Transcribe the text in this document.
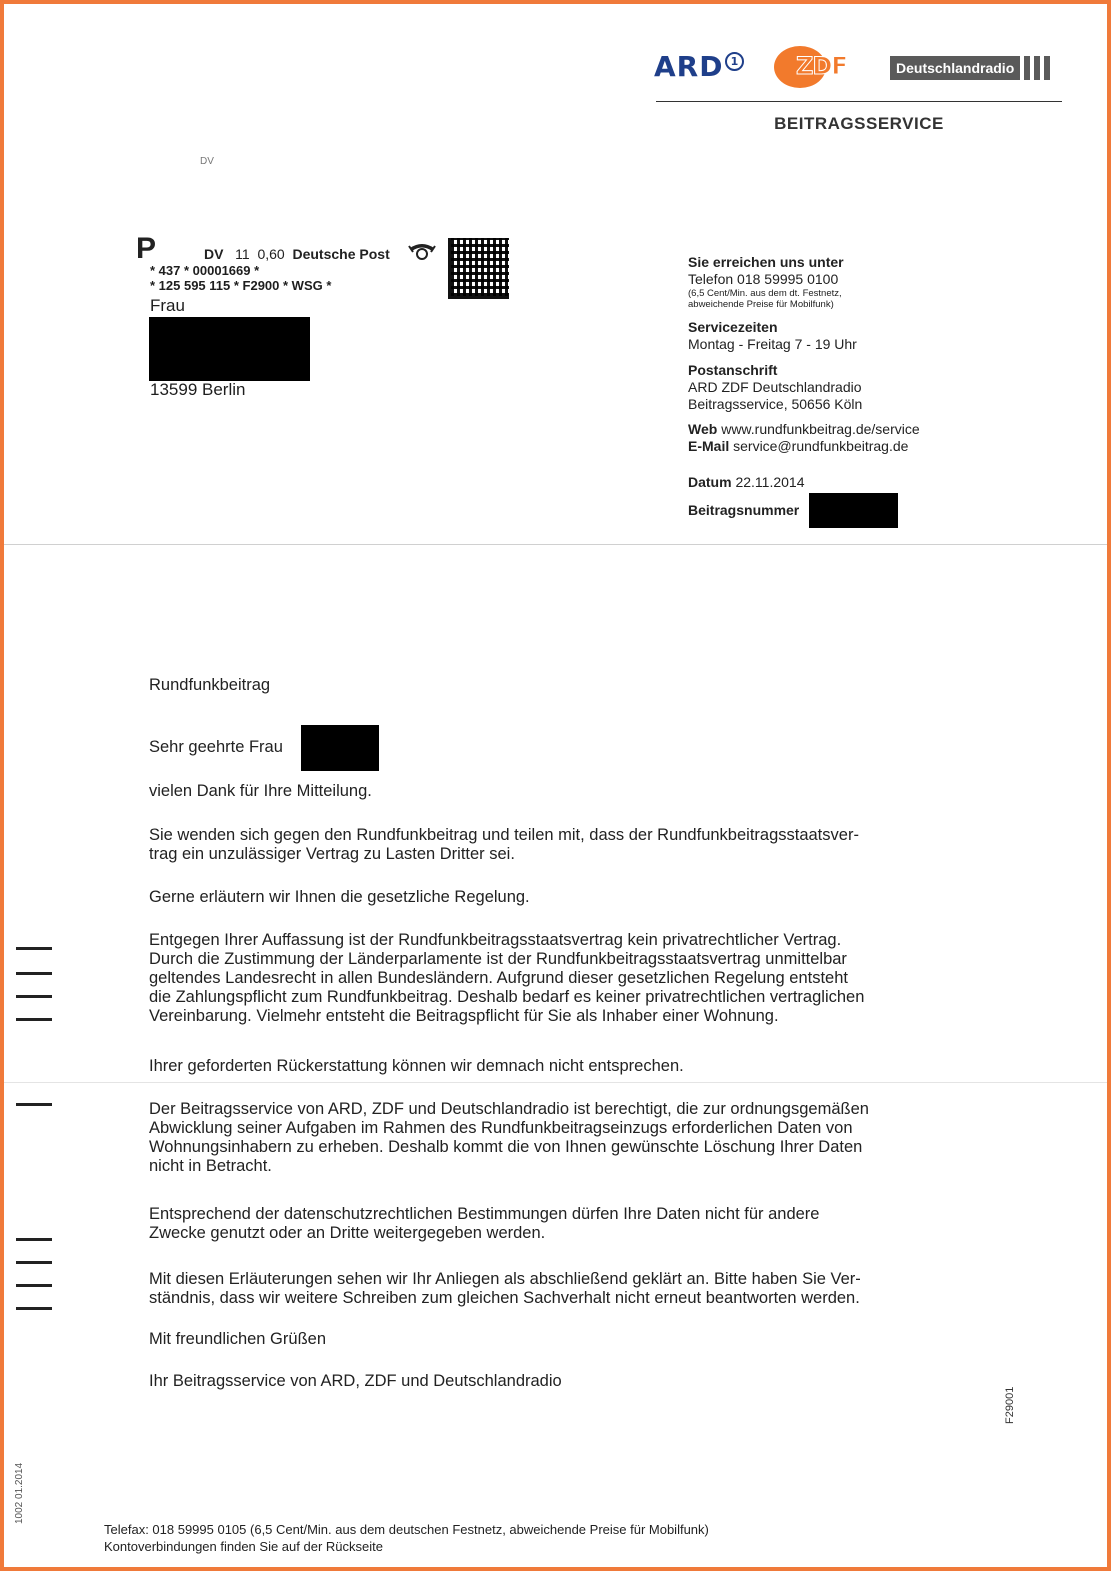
ARD 1 ZDF	Deutschlandradio
BEITRAGSSERVICE
DV
P	DV 11 0,60 Deutsche Post
* 437 * 00001669 *
* 125 595 115 * F2900 * WSG *
Frau
13599 Berlin
Sie erreichen uns unter
Telefon 018 59995 0100
(6,5 Cent/Min. aus dem dt. Festnetz,
abweichende Preise für Mobilfunk)
Servicezeiten
Montag - Freitag 7 - 19 Uhr
Postanschrift
ARD ZDF Deutschlandradio
Beitragsservice, 50656 Köln
Web www.rundfunkbeitrag.de/service
E-Mail service@rundfunkbeitrag.de
Datum 22.11.2014
Beitragsnummer
Rundfunkbeitrag
Sehr geehrte Frau
vielen Dank für Ihre Mitteilung.
Sie wenden sich gegen den Rundfunkbeitrag und teilen mit, dass der Rundfunkbeitragsstaatsver-
trag ein unzulässiger Vertrag zu Lasten Dritter sei.
Gerne erläutern wir Ihnen die gesetzliche Regelung.
Entgegen Ihrer Auffassung ist der Rundfunkbeitragsstaatsvertrag kein privatrechtlicher Vertrag.
Durch die Zustimmung der Länderparlamente ist der Rundfunkbeitragsstaatsvertrag unmittelbar
geltendes Landesrecht in allen Bundesländern. Aufgrund dieser gesetzlichen Regelung entsteht
die Zahlungspflicht zum Rundfunkbeitrag. Deshalb bedarf es keiner privatrechtlichen vertraglichen
Vereinbarung. Vielmehr entsteht die Beitragspflicht für Sie als Inhaber einer Wohnung.
Ihrer geforderten Rückerstattung können wir demnach nicht entsprechen.
Der Beitragsservice von ARD, ZDF und Deutschlandradio ist berechtigt, die zur ordnungsgemäßen
Abwicklung seiner Aufgaben im Rahmen des Rundfunkbeitragseinzugs erforderlichen Daten von
Wohnungsinhabern zu erheben. Deshalb kommt die von Ihnen gewünschte Löschung Ihrer Daten
nicht in Betracht.
Entsprechend der datenschutzrechtlichen Bestimmungen dürfen Ihre Daten nicht für andere
Zwecke genutzt oder an Dritte weitergegeben werden.
Mit diesen Erläuterungen sehen wir Ihr Anliegen als abschließend geklärt an. Bitte haben Sie Ver-
ständnis, dass wir weitere Schreiben zum gleichen Sachverhalt nicht erneut beantworten werden.
Mit freundlichen Grüßen
Ihr Beitragsservice von ARD, ZDF und Deutschlandradio
F29001
1002 01.2014
Telefax: 018 59995 0105 (6,5 Cent/Min. aus dem deutschen Festnetz, abweichende Preise für Mobilfunk)
Kontoverbindungen finden Sie auf der Rückseite
